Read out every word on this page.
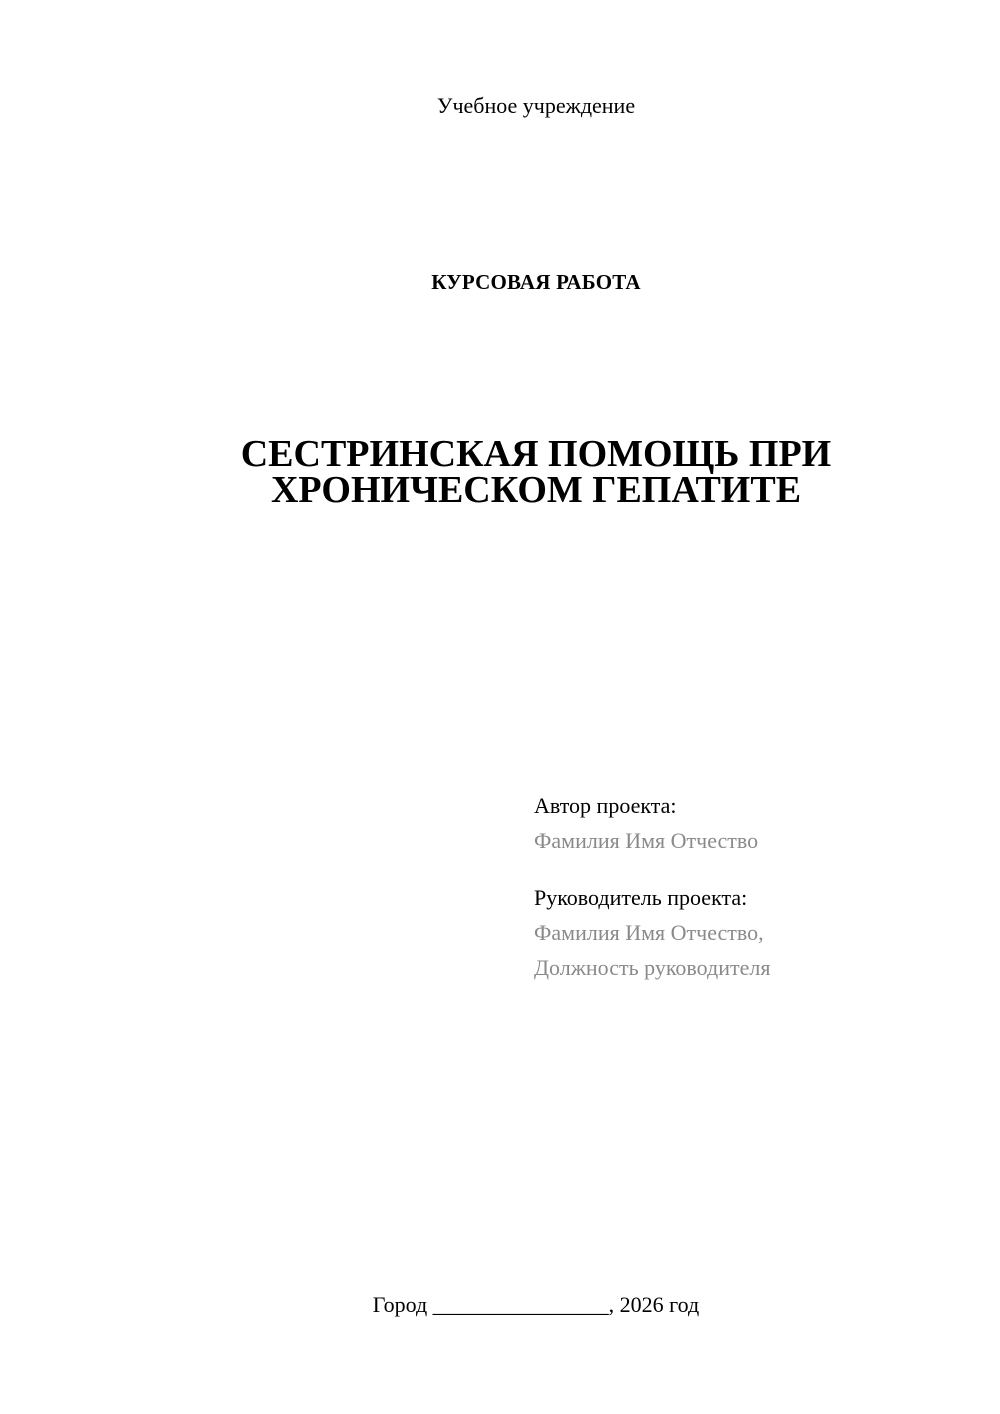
Учебное учреждение

КУРСОВАЯ РАБОТА
СЕСТРИНСКАЯ ПОМОЩЬ ПРИ
ХРОНИЧЕСКОМ ГЕПАТИТЕ
Автор проекта:
Фамилия Имя Отчество
Руководитель проекта:
Фамилия Имя Отчество,
Должность руководителя

Город ________________, 2026 год
